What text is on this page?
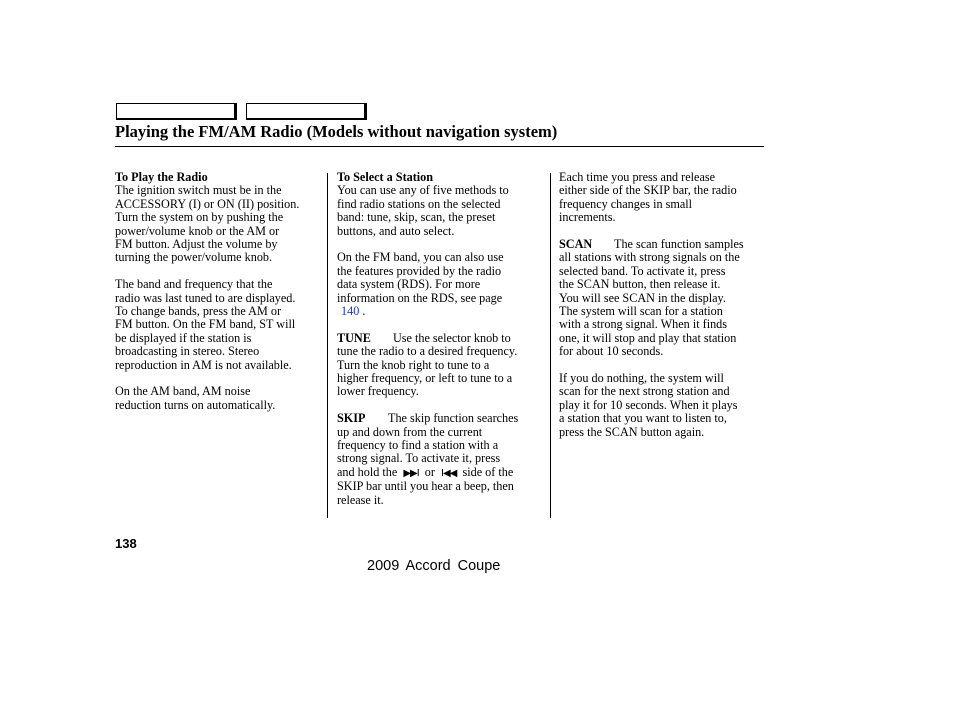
Playing the FM/AM Radio (Models without navigation system)
To Play the Radio

The ignition switch must be in the
ACCESSORY (I) or ON (II) position.
Turn the system on by pushing the
power/volume knob or the AM or
FM button. Adjust the volume by
turning the power/volume knob.

The band and frequency that the
radio was last tuned to are displayed.
To change bands, press the AM or
FM button. On the FM band, ST will
be displayed if the station is
broadcasting in stereo. Stereo
reproduction in AM is not available.

On the AM band, AM noise
reduction turns on automatically.

To Select a Station

You can use any of five methods to
find radio stations on the selected
band: tune, skip, scan, the preset
buttons, and auto select.

On the FM band, you can also use
the features provided by the radio
data system (RDS). For more
information on the RDS, see page
140 .

TUNE Use the selector knob to
tune the radio to a desired frequency.
Turn the knob right to tune to a
higher frequency, or left to tune to a
lower frequency.

SKIP The skip function searches
up and down from the current
frequency to find a station with a
strong signal. To activate it, press
and hold the ▶▶I or I◀◀ side of the
SKIP bar until you hear a beep, then
release it.

Each time you press and release
either side of the SKIP bar, the radio
frequency changes in small
increments.

SCAN The scan function samples
all stations with strong signals on the
selected band. To activate it, press
the SCAN button, then release it.
You will see SCAN in the display.
The system will scan for a station
with a strong signal. When it finds
one, it will stop and play that station
for about 10 seconds.

If you do nothing, the system will
scan for the next strong station and
play it for 10 seconds. When it plays
a station that you want to listen to,
press the SCAN button again.

138
2009 Accord Coupe
